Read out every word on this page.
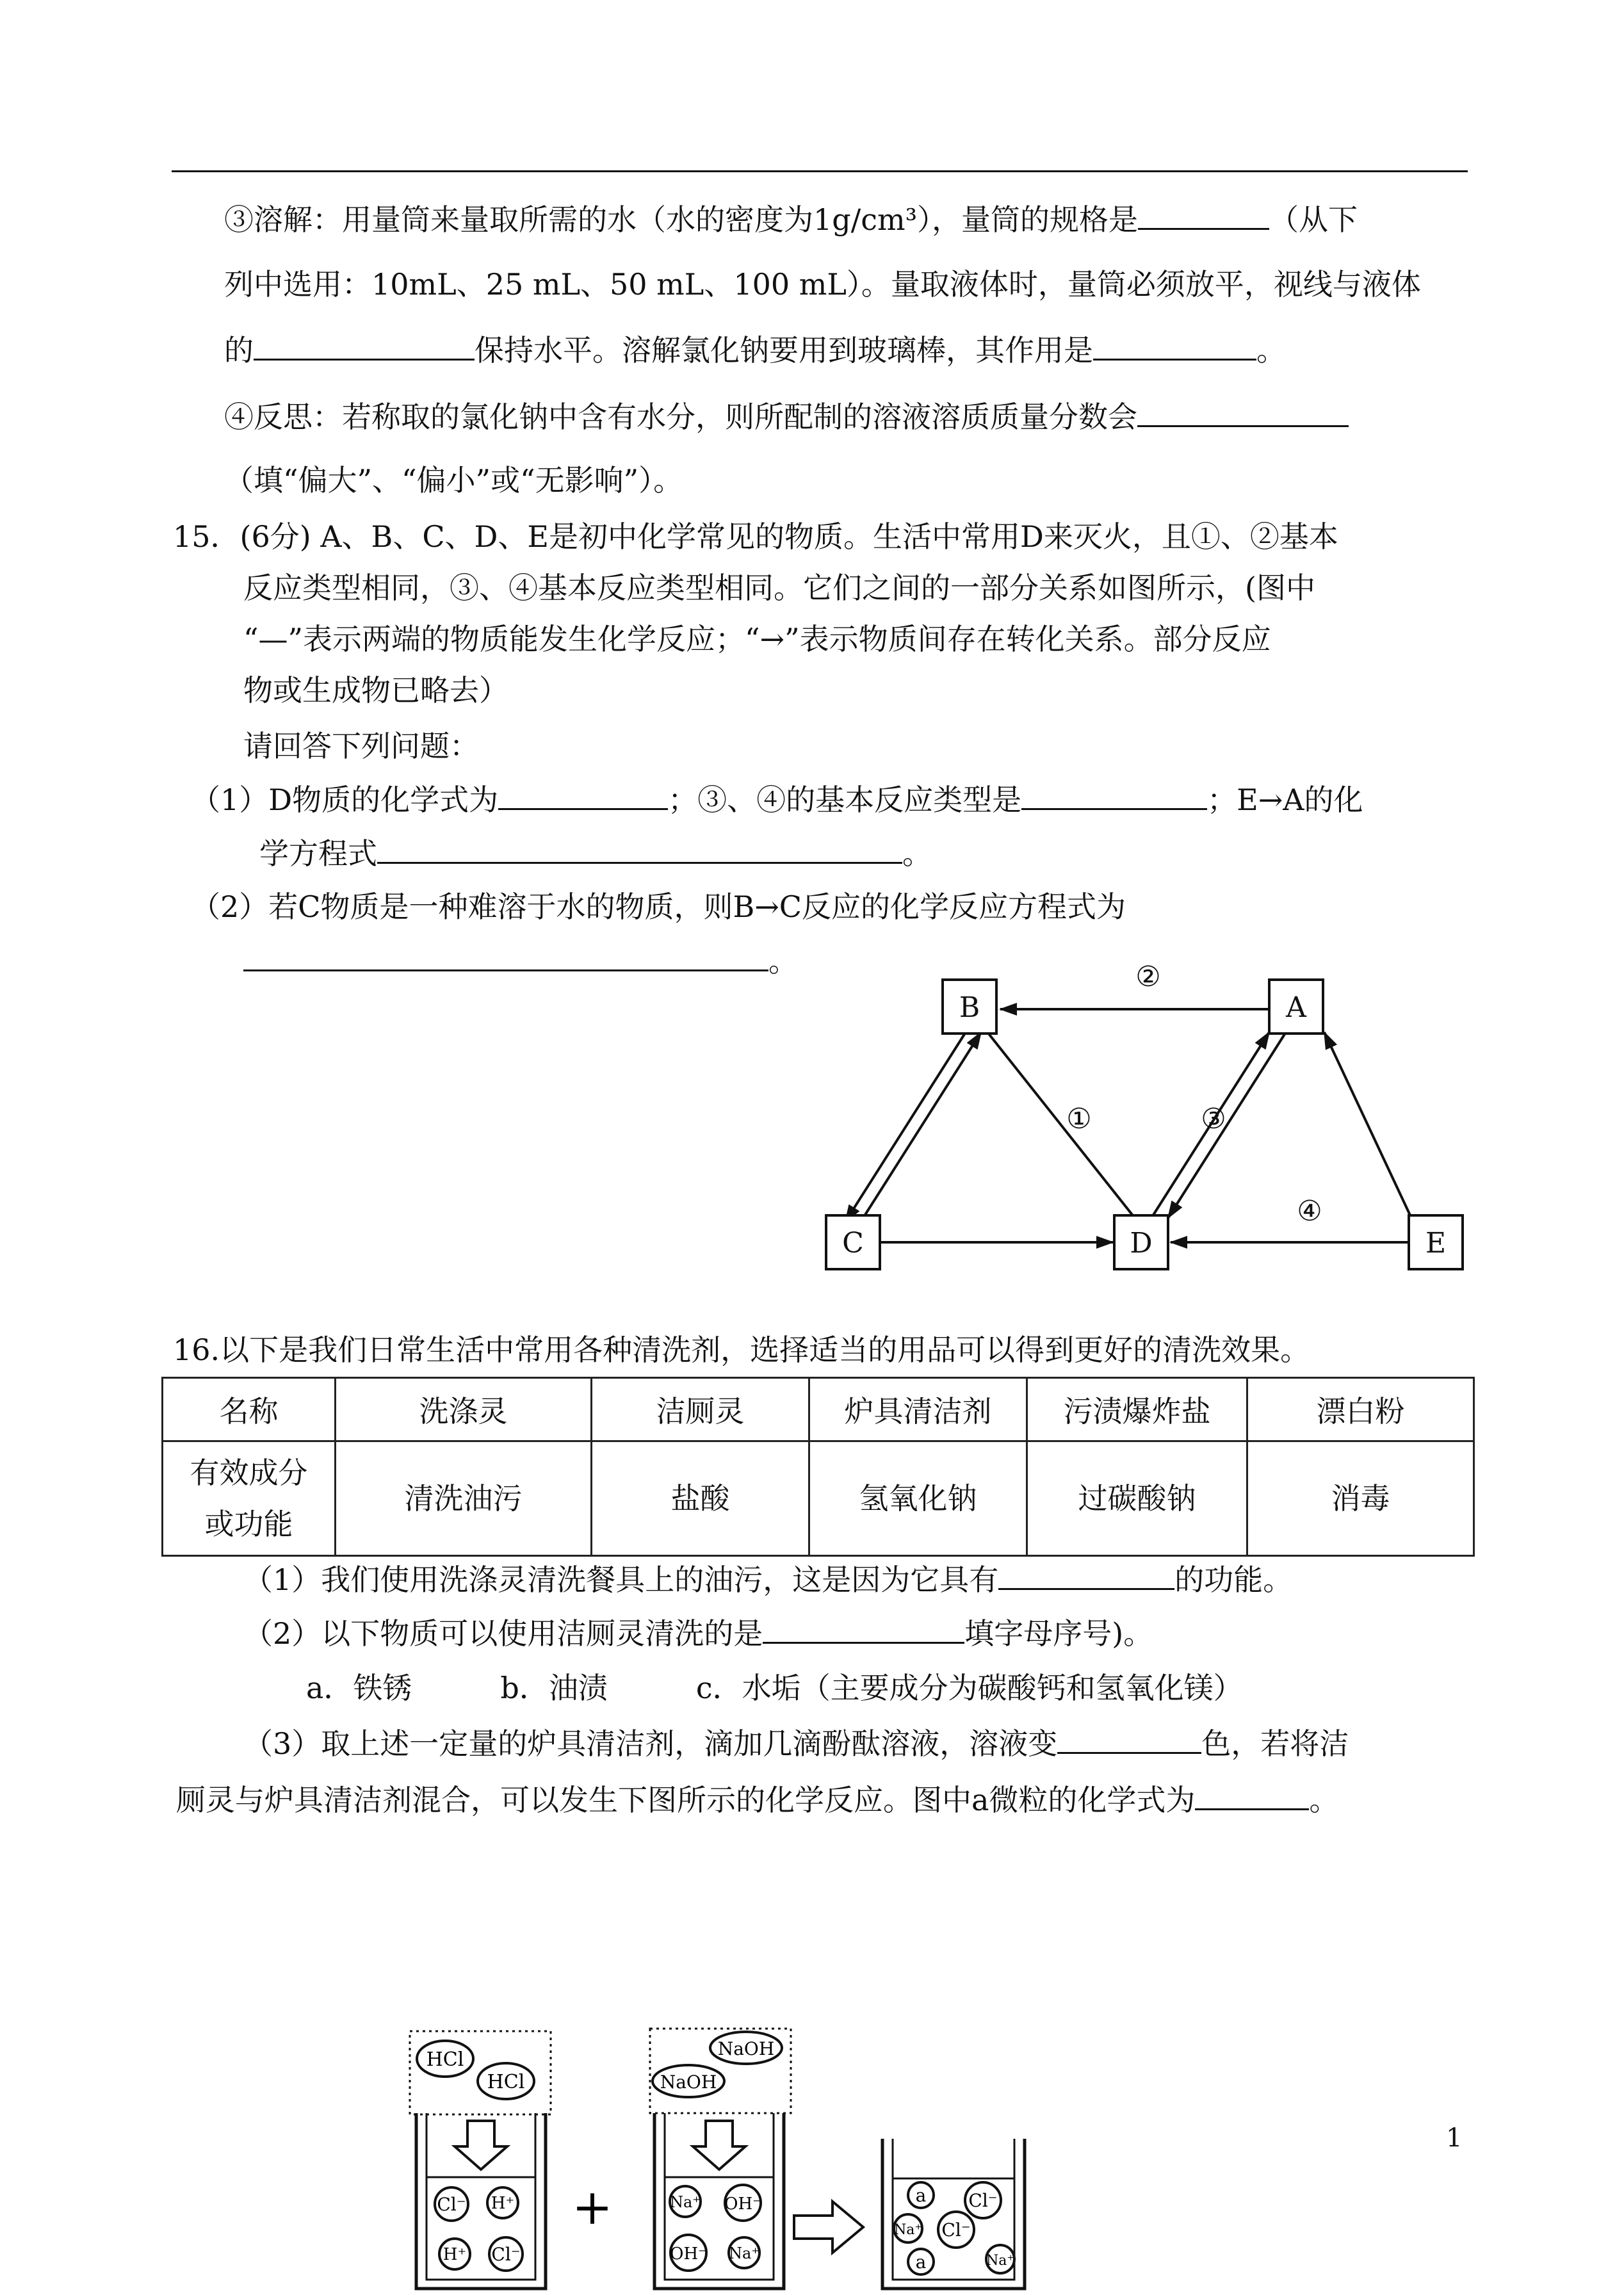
③溶解：用量筒来量取所需的水（水的密度为1g/cm³），量筒的规格是	（从下
列中选用：10mL、25 mL、50 mL、100 mL）。量取液体时，量筒必须放平，视线与液体
的	保持水平。溶解氯化钠要用到玻璃棒，其作用是	。
④反思：若称取的氯化钠中含有水分，则所配制的溶液溶质质量分数会
（填“偏大”、“偏小”或“无影响”）。
15．(6分) A、B、C、D、E是初中化学常见的物质。生活中常用D来灭火，且①、②基本
反应类型相同，③、④基本反应类型相同。它们之间的一部分关系如图所示，(图中
“—”表示两端的物质能发生化学反应；“→”表示物质间存在转化关系。部分反应
物或生成物已略去）
请回答下列问题：
（1）D物质的化学式为	；③、④的基本反应类型是	；E→A的化
学方程式	。
（2）若C物质是一种难溶于水的物质，则B→C反应的化学反应方程式为
。
B	A
C	D	E
②
①	③
④
16.以下是我们日常生活中常用各种清洗剂，选择适当的用品可以得到更好的清洗效果。
名称	洗涤灵	洁厕灵	炉具清洁剂	污渍爆炸盐	漂白粉
有效成分
或功能	清洗油污	盐酸	氢氧化钠	过碳酸钠	消毒
（1）我们使用洗涤灵清洗餐具上的油污，这是因为它具有	的功能。
（2）以下物质可以使用洁厕灵清洗的是	填字母序号)。
a．铁锈　　　b．油渍　　　c．水垢（主要成分为碳酸钙和氢氧化镁）
（3）取上述一定量的炉具清洁剂，滴加几滴酚酞溶液，溶液变	色，若将洁
厕灵与炉具清洁剂混合，可以发生下图所示的化学反应。图中a微粒的化学式为	。
HCl
HCl
Cl⁻ H⁺
H⁺ Cl⁻
+
NaOH
NaOH
Na⁺ OH⁻
OH⁻ Na⁺
a Cl⁻
Na⁺ Cl⁻
a	Na⁺
1
